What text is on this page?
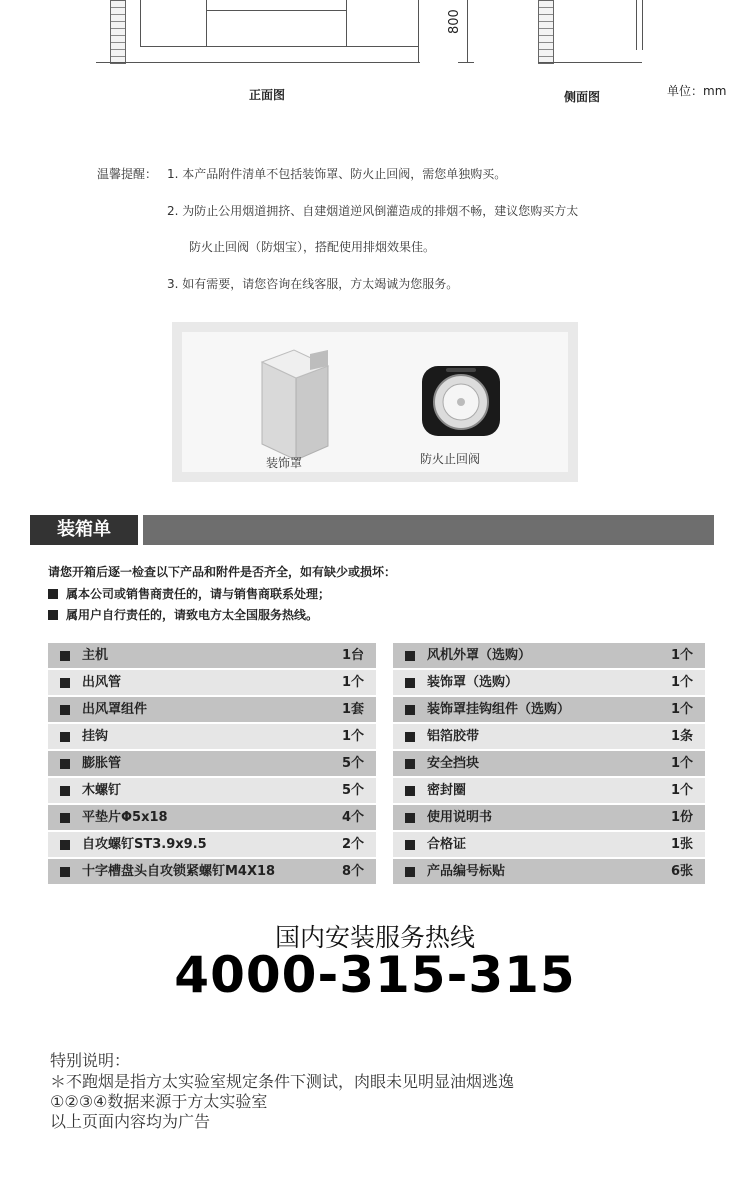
800
正面图	侧面图	单位：mm
温馨提醒： 1. 本产品附件清单不包括装饰罩、防火止回阀，需您单独购买。
2. 为防止公用烟道拥挤、自建烟道逆风倒灌造成的排烟不畅，建议您购买方太
防火止回阀（防烟宝），搭配使用排烟效果佳。
3. 如有需要，请您咨询在线客服，方太竭诚为您服务。
装饰罩	防火止回阀
装箱单
请您开箱后逐一检查以下产品和附件是否齐全，如有缺少或损坏：
属本公司或销售商责任的，请与销售商联系处理；
属用户自行责任的，请致电方太全国服务热线。
主机	1台
出风管	1个
出风罩组件	1套
挂钩	1个
膨胀管	5个
木螺钉	5个
平垫片Φ5x18	4个
自攻螺钉ST3.9x9.5	2个
十字槽盘头自攻锁紧螺钉M4X18	8个
风机外罩（选购）	1个
装饰罩（选购）	1个
装饰罩挂钩组件（选购）	1个
铝箔胶带	1条
安全挡块	1个
密封圈	1个
使用说明书	1份
合格证	1张
产品编号标贴	6张
国内安装服务热线
4000-315-315
特别说明：
＊不跑烟是指方太实验室规定条件下测试，肉眼未见明显油烟逃逸
①②③④数据来源于方太实验室
以上页面内容均为广告
